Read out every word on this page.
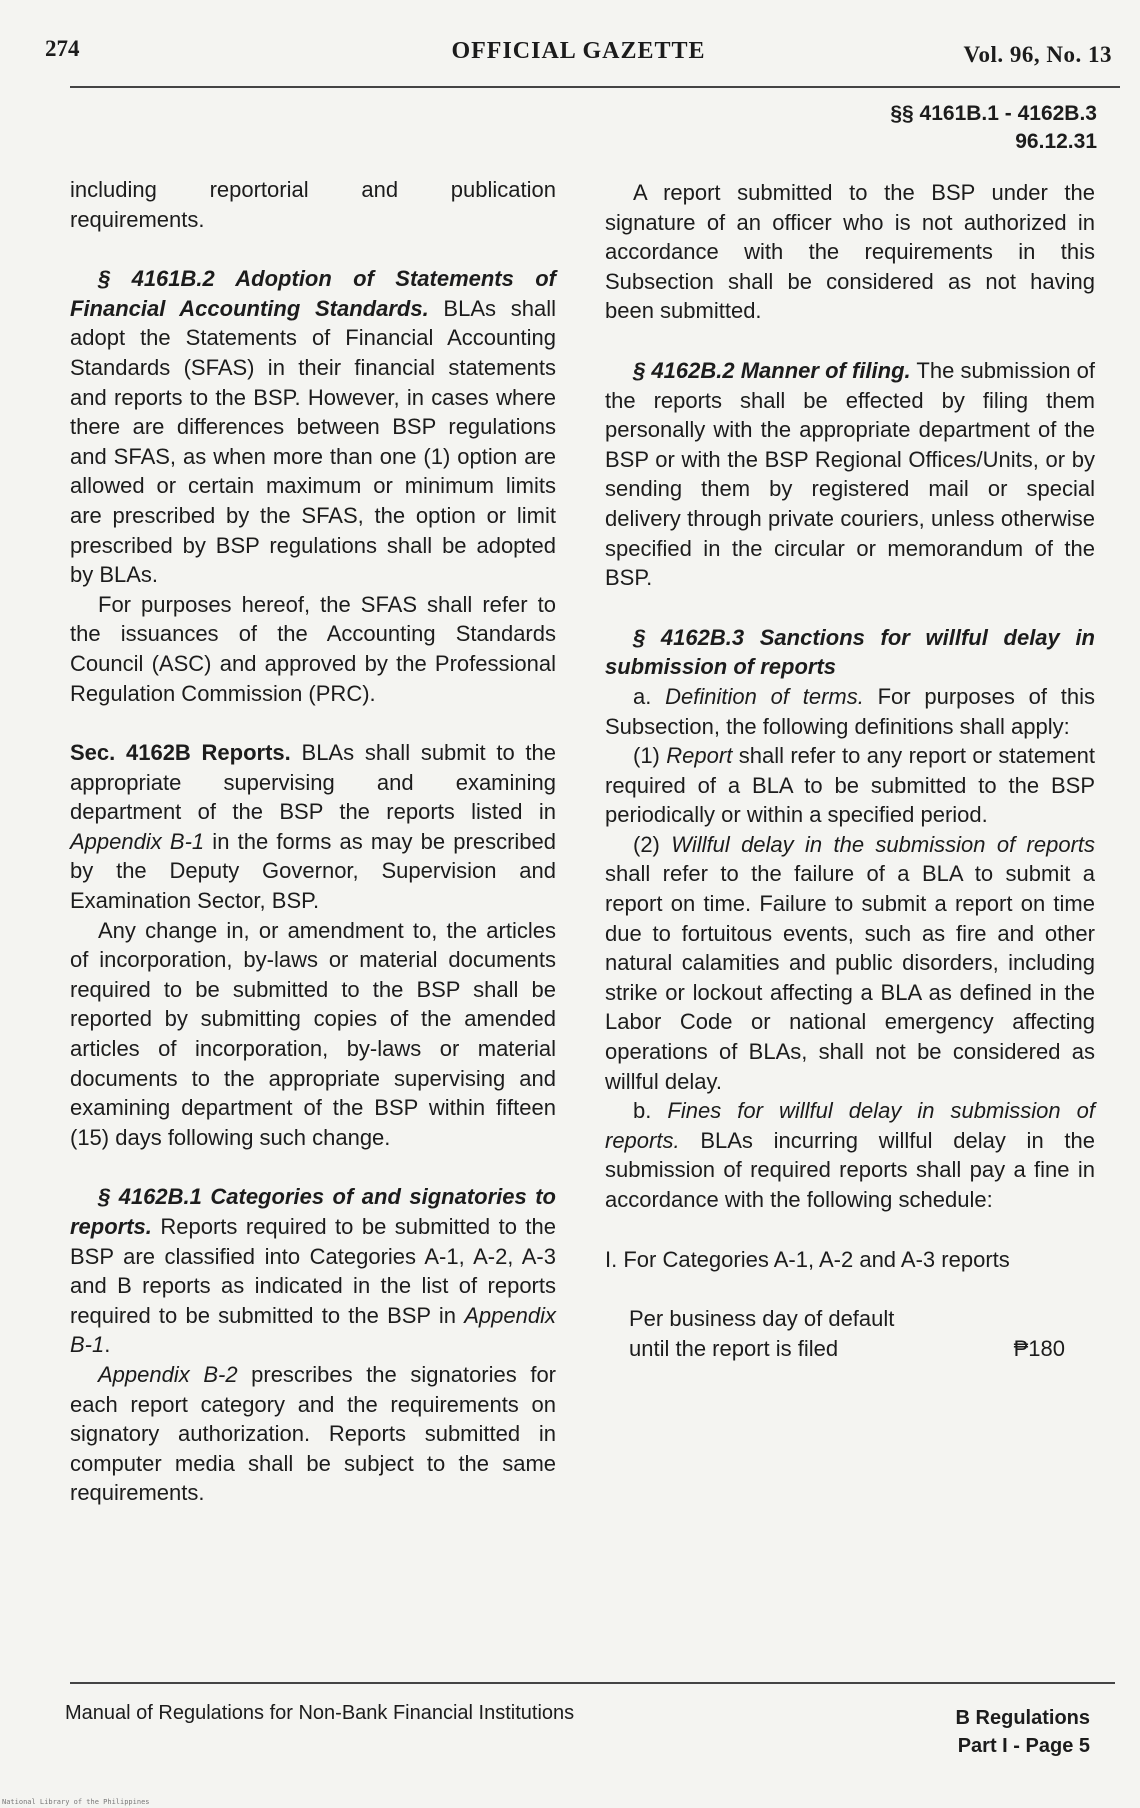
274	OFFICIAL GAZETTE	Vol. 96, No. 13
§§ 4161B.1 - 4162B.3
96.12.31

including reportorial and publication requirements.

§ 4161B.2 Adoption of Statements of Financial Accounting Standards. BLAs shall adopt the Statements of Financial Accounting Standards (SFAS) in their financial statements and reports to the BSP. However, in cases where there are differences between BSP regulations and SFAS, as when more than one (1) option are allowed or certain maximum or minimum limits are prescribed by the SFAS, the option or limit prescribed by BSP regulations shall be adopted by BLAs.

For purposes hereof, the SFAS shall refer to the issuances of the Accounting Standards Council (ASC) and approved by the Professional Regulation Commission (PRC).

Sec. 4162B Reports. BLAs shall submit to the appropriate supervising and examining department of the BSP the reports listed in Appendix B-1 in the forms as may be prescribed by the Deputy Governor, Supervision and Examination Sector, BSP.

Any change in, or amendment to, the articles of incorporation, by-laws or material documents required to be submitted to the BSP shall be reported by submitting copies of the amended articles of incorporation, by-laws or material documents to the appropriate supervising and examining department of the BSP within fifteen (15) days following such change.

§ 4162B.1 Categories of and signatories to reports. Reports required to be submitted to the BSP are classified into Categories A-1, A-2, A-3 and B reports as indicated in the list of reports required to be submitted to the BSP in Appendix B-1.

Appendix B-2 prescribes the signatories for each report category and the requirements on signatory authorization. Reports submitted in computer media shall be subject to the same requirements.

A report submitted to the BSP under the signature of an officer who is not authorized in accordance with the requirements in this Subsection shall be considered as not having been submitted.

§ 4162B.2 Manner of filing. The submission of the reports shall be effected by filing them personally with the appropriate department of the BSP or with the BSP Regional Offices/Units, or by sending them by registered mail or special delivery through private couriers, unless otherwise specified in the circular or memorandum of the BSP.

§ 4162B.3 Sanctions for willful delay in submission of reports

a. Definition of terms. For purposes of this Subsection, the following definitions shall apply:

(1) Report shall refer to any report or statement required of a BLA to be submitted to the BSP periodically or within a specified period.

(2) Willful delay in the submission of reports shall refer to the failure of a BLA to submit a report on time. Failure to submit a report on time due to fortuitous events, such as fire and other natural calamities and public disorders, including strike or lockout affecting a BLA as defined in the Labor Code or national emergency affecting operations of BLAs, shall not be considered as willful delay.

b. Fines for willful delay in submission of reports. BLAs incurring willful delay in the submission of required reports shall pay a fine in accordance with the following schedule:

I. For Categories A-1, A-2 and A-3 reports

Per business day of default
until the report is filed	₱180
Manual of Regulations for Non-Bank Financial Institutions	B Regulations
Part I - Page 5
National Library of the Philippines
